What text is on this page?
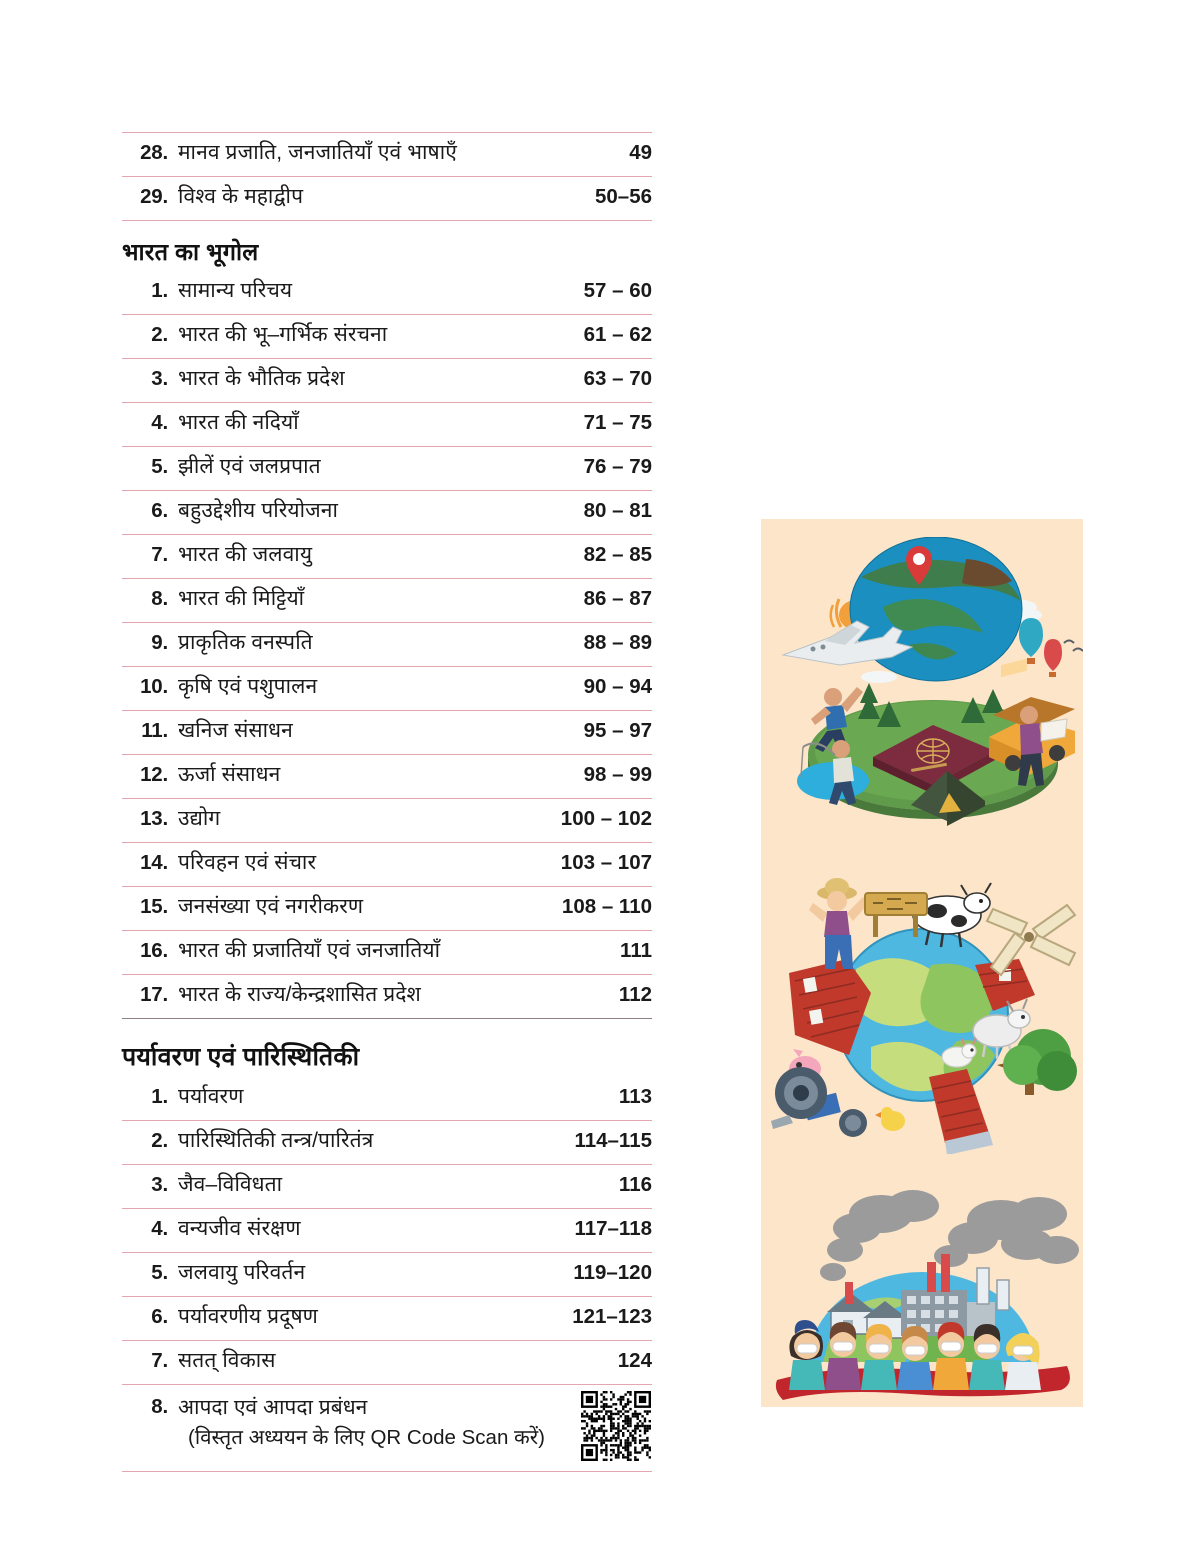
28. मानव प्रजाति, जनजातियाँ एवं भाषाएँ	49
29. विश्व के महाद्वीप	50–56
भारत का भूगोल
1. सामान्य परिचय	57 – 60
2. भारत की भू–गर्भिक संरचना	61 – 62
3. भारत के भौतिक प्रदेश	63 – 70
4. भारत की नदियाँ	71 – 75
5. झीलें एवं जलप्रपात	76 – 79
6. बहुउद्देशीय परियोजना	80 – 81
7. भारत की जलवायु	82 – 85
8. भारत की मिट्टियाँ	86 – 87
9. प्राकृतिक वनस्पति	88 – 89
10. कृषि एवं पशुपालन	90 – 94
11. खनिज संसाधन	95 – 97
12. ऊर्जा संसाधन	98 – 99
13. उद्योग	100 – 102
14. परिवहन एवं संचार	103 – 107
15. जनसंख्या एवं नगरीकरण	108 – 110
16. भारत की प्रजातियाँ एवं जनजातियाँ	111
17. भारत के राज्य/केन्द्रशासित प्रदेश	112
पर्यावरण एवं पारिस्थितिकी
1. पर्यावरण	113
2. पारिस्थितिकी तन्त्र/पारितंत्र	114–115
3. जैव–विविधता	116
4. वन्यजीव संरक्षण	117–118
5. जलवायु परिवर्तन	119–120
6. पर्यावरणीय प्रदूषण	121–123
7. सतत् विकास	124
8. आपदा एवं आपदा प्रबंधन
(विस्तृत अध्ययन के लिए QR Code Scan करें)
